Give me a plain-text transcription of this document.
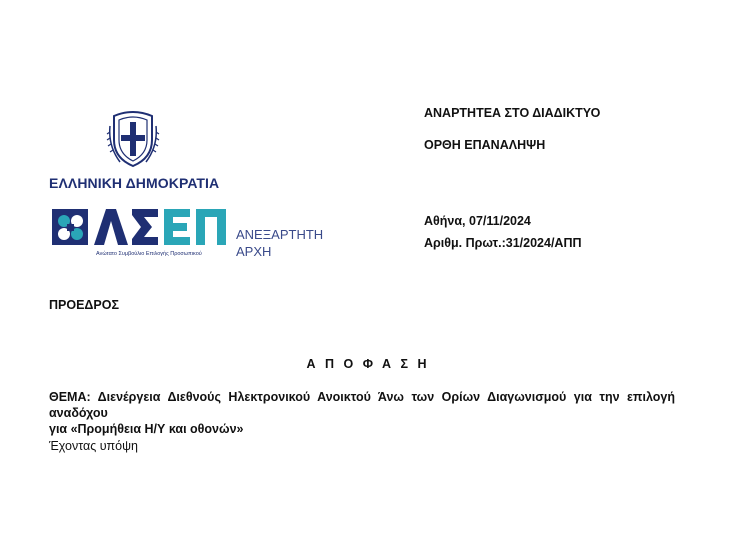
ΑΝΑΡΤΗΤΕΑ ΣΤΟ ΔΙΑΔΙΚΤΥΟ
ΟΡΘΗ ΕΠΑΝΑΛΗΨΗ
Αθήνα, 07/11/2024
Αριθμ. Πρωτ.:31/2024/ΑΠΠ
ΕΛΛΗΝΙΚΗ ΔΗΜΟΚΡΑΤΙΑ
Ανώτατο Συμβούλιο Επιλογής Προσωπικού
ΑΝΕΞΑΡΤΗΤΗ
ΑΡΧΗ
ΠΡΟΕΔΡΟΣ
Α Π Ο Φ Α Σ Η
ΘΕΜΑ: Διενέργεια Διεθνούς Ηλεκτρονικού Ανοικτού Άνω των Ορίων Διαγωνισμού για την επιλογή αναδόχου
για «Προμήθεια Η/Υ και οθονών»
Έχοντας υπόψη
